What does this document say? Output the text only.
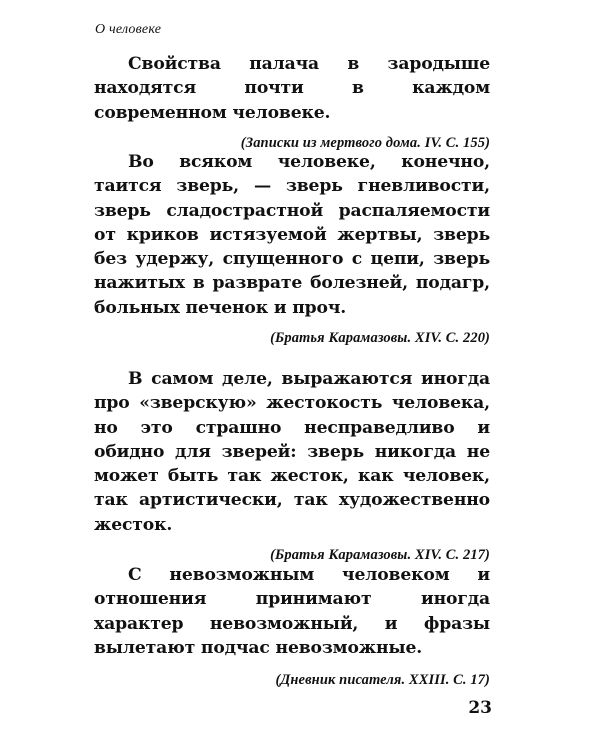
О человеке

Свойства палача в зародыше находятся почти в каждом современном человеке.

(Записки из мертвого дома. IV. С. 155)

Во всяком человеке, конечно, таится зверь, — зверь гневливости, зверь сладострастной распаляемости от криков истязуемой жертвы, зверь без удержу, спущенного с цепи, зверь нажитых в разврате болезней, подагр, больных печенок и проч.

(Братья Карамазовы. XIV. С. 220)

В самом деле, выражаются иногда про «зверскую» жестокость человека, но это страшно несправедливо и обидно для зверей: зверь никогда не может быть так жесток, как человек, так артистически, так художественно жесток.

(Братья Карамазовы. XIV. С. 217)

С невозможным человеком и отношения принимают иногда характер невозможный, и фразы вылетают подчас невозможные.

(Дневник писателя. XXIII. С. 17)
23
